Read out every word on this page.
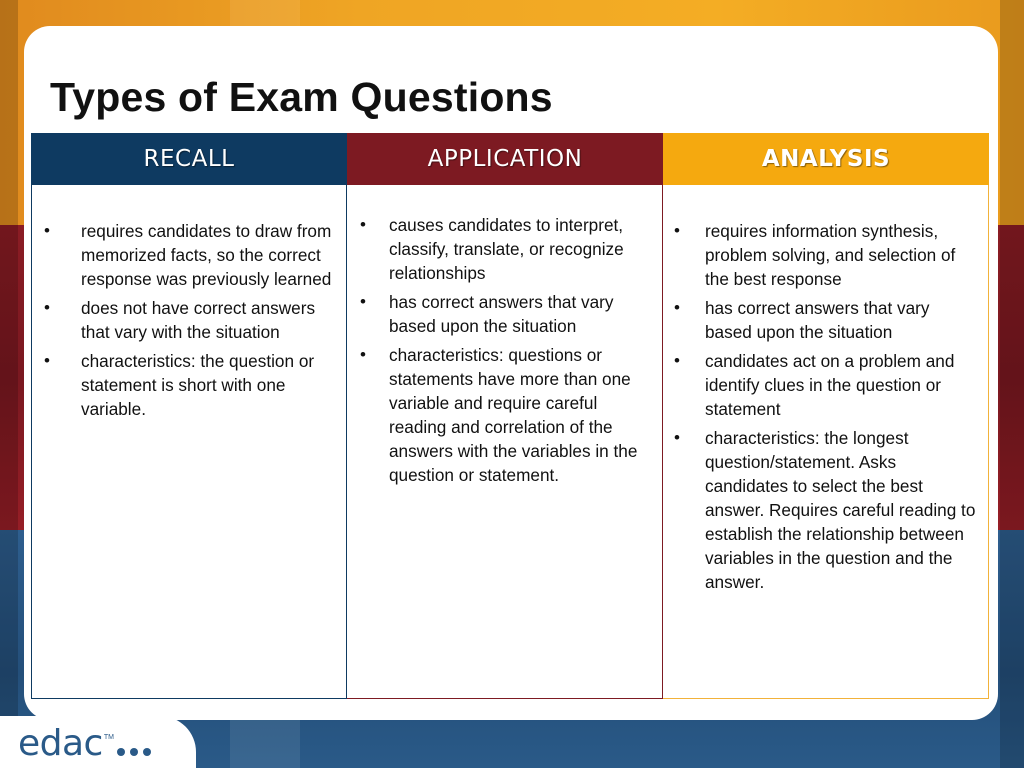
Types of Exam Questions
RECALL
• requires candidates to draw from memorized facts, so the correct response was previously learned
• does not have correct answers that vary with the situation
• characteristics: the question or statement is short with one variable.
APPLICATION
• causes candidates to interpret, classify, translate, or recognize relationships
• has correct answers that vary based upon the situation
• characteristics: questions or statements have more than one variable and require careful reading and correlation of the answers with the variables in the question or statement.
ANALYSIS
• requires information synthesis, problem solving, and selection of the best response
• has correct answers that vary based upon the situation
• candidates act on a problem and identify clues in the question or statement
• characteristics: the longest question/statement. Asks candidates to select the best answer. Requires careful reading to establish the relationship between variables in the question and the answer.
edac TM
